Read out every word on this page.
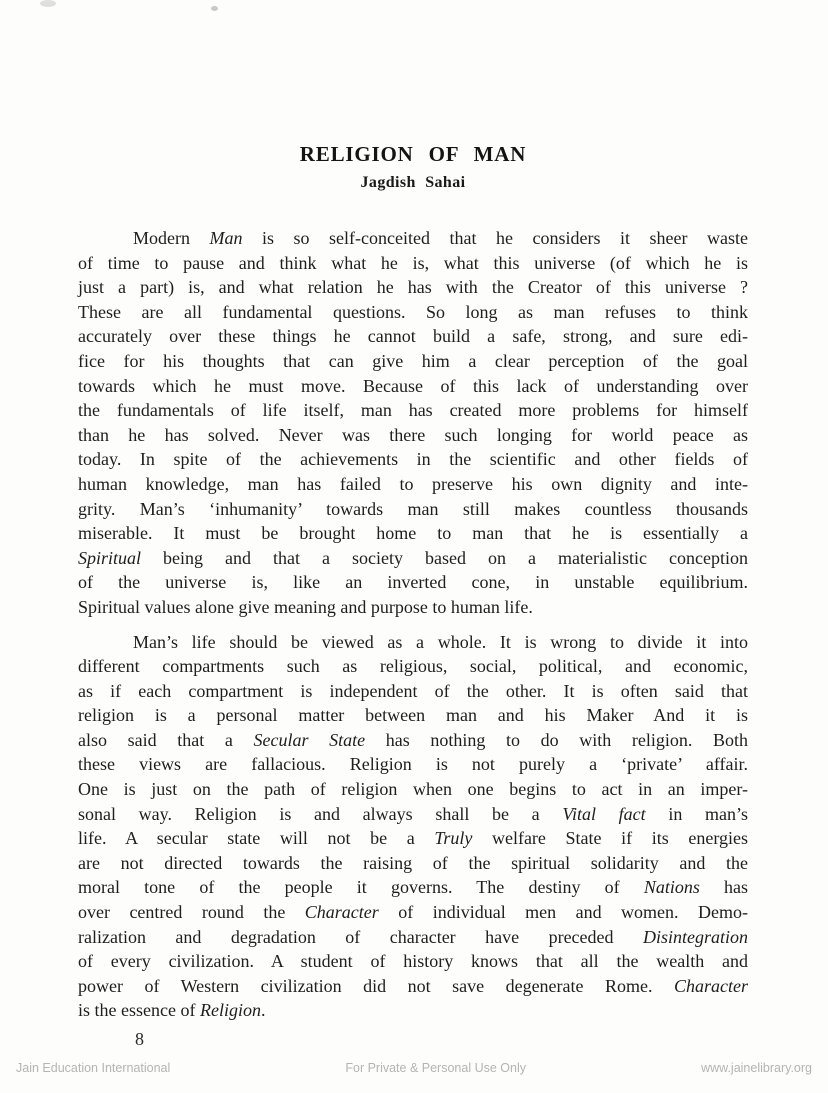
RELIGION OF MAN
Jagdish Sahai
Modern Man is so self-conceited that he considers it sheer waste
of time to pause and think what he is, what this universe (of which he is
just a part) is, and what relation he has with the Creator of this universe ?
These are all fundamental questions. So long as man refuses to think
accurately over these things he cannot build a safe, strong, and sure edi-
fice for his thoughts that can give him a clear perception of the goal
towards which he must move. Because of this lack of understanding over
the fundamentals of life itself, man has created more problems for himself
than he has solved. Never was there such longing for world peace as
today. In spite of the achievements in the scientific and other fields of
human knowledge, man has failed to preserve his own dignity and inte-
grity. Man’s ‘inhumanity’ towards man still makes countless thousands
miserable. It must be brought home to man that he is essentially a
Spiritual being and that a society based on a materialistic conception
of the universe is, like an inverted cone, in unstable equilibrium.
Spiritual values alone give meaning and purpose to human life.
Man’s life should be viewed as a whole. It is wrong to divide it into
different compartments such as religious, social, political, and economic,
as if each compartment is independent of the other. It is often said that
religion is a personal matter between man and his Maker And it is
also said that a Secular State has nothing to do with religion. Both
these views are fallacious. Religion is not purely a ‘private’ affair.
One is just on the path of religion when one begins to act in an imper-
sonal way. Religion is and always shall be a Vital fact in man’s
life. A secular state will not be a Truly welfare State if its energies
are not directed towards the raising of the spiritual solidarity and the
moral tone of the people it governs. The destiny of Nations has
over centred round the Character of individual men and women. Demo-
ralization and degradation of character have preceded Disintegration
of every civilization. A student of history knows that all the wealth and
power of Western civilization did not save degenerate Rome. Character
is the essence of Religion.
8
Jain Education International	For Private & Personal Use Only	www.jainelibrary.org
